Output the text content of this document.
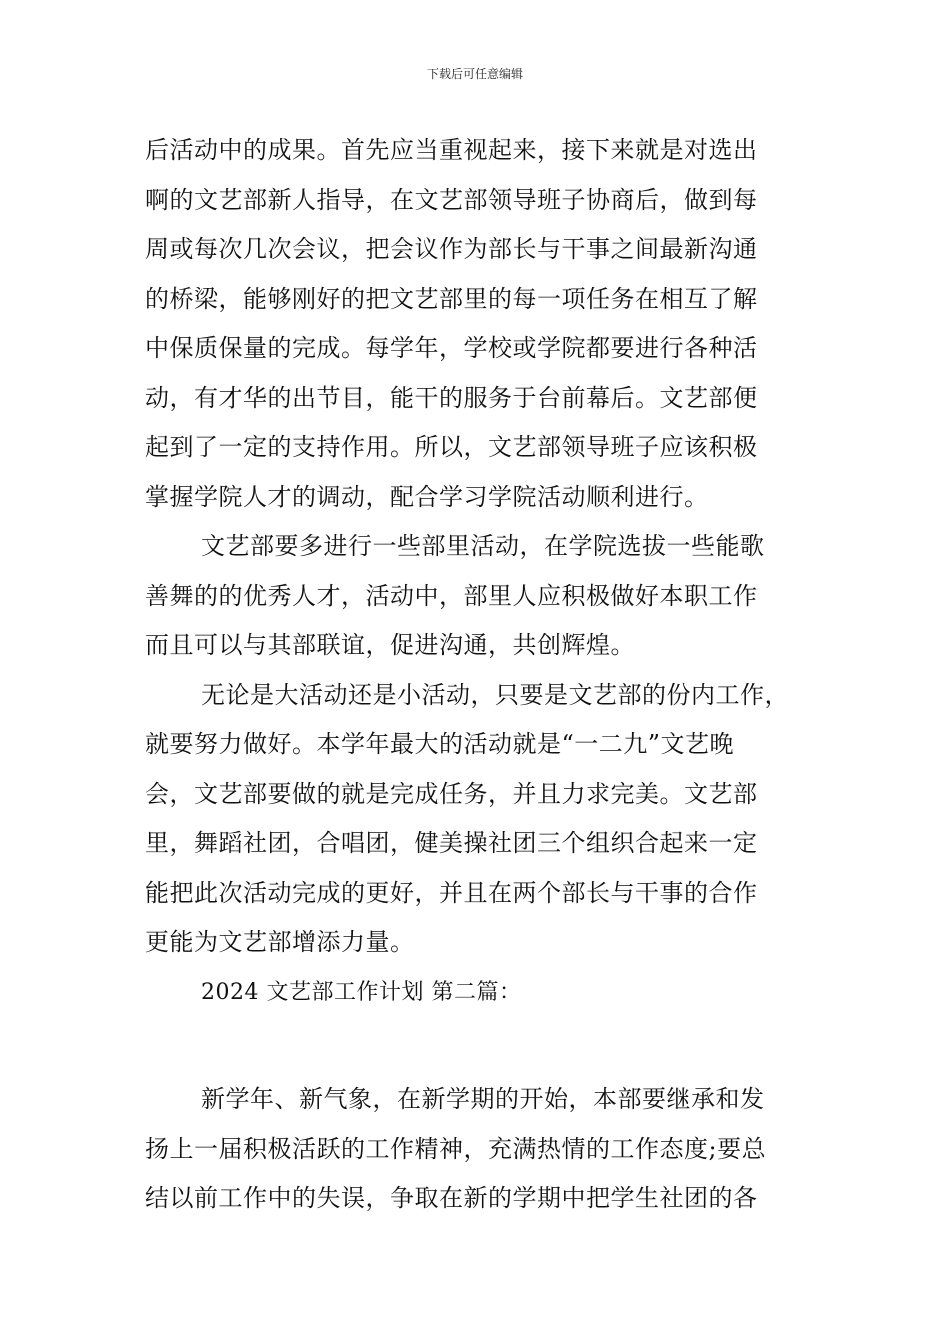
下载后可任意编辑
后活动中的成果。首先应当重视起来，接下来就是对选出
啊的文艺部新人指导，在文艺部领导班子协商后，做到每
周或每次几次会议，把会议作为部长与干事之间最新沟通
的桥梁，能够刚好的把文艺部里的每一项任务在相互了解
中保质保量的完成。每学年，学校或学院都要进行各种活
动，有才华的出节目，能干的服务于台前幕后。文艺部便
起到了一定的支持作用。所以，文艺部领导班子应该积极
掌握学院人才的调动，配合学习学院活动顺利进行。
文艺部要多进行一些部里活动，在学院选拔一些能歌
善舞的的优秀人才，活动中，部里人应积极做好本职工作
而且可以与其部联谊，促进沟通，共创辉煌。
无论是大活动还是小活动，只要是文艺部的份内工作，
就要努力做好。本学年最大的活动就是“一二九”文艺晚
会，文艺部要做的就是完成任务，并且力求完美。文艺部
里，舞蹈社团，合唱团，健美操社团三个组织合起来一定
能把此次活动完成的更好，并且在两个部长与干事的合作
更能为文艺部增添力量。
2024 文艺部工作计划 第二篇：
新学年、新气象，在新学期的开始，本部要继承和发
扬上一届积极活跃的工作精神，充满热情的工作态度;要总
结以前工作中的失误，争取在新的学期中把学生社团的各
